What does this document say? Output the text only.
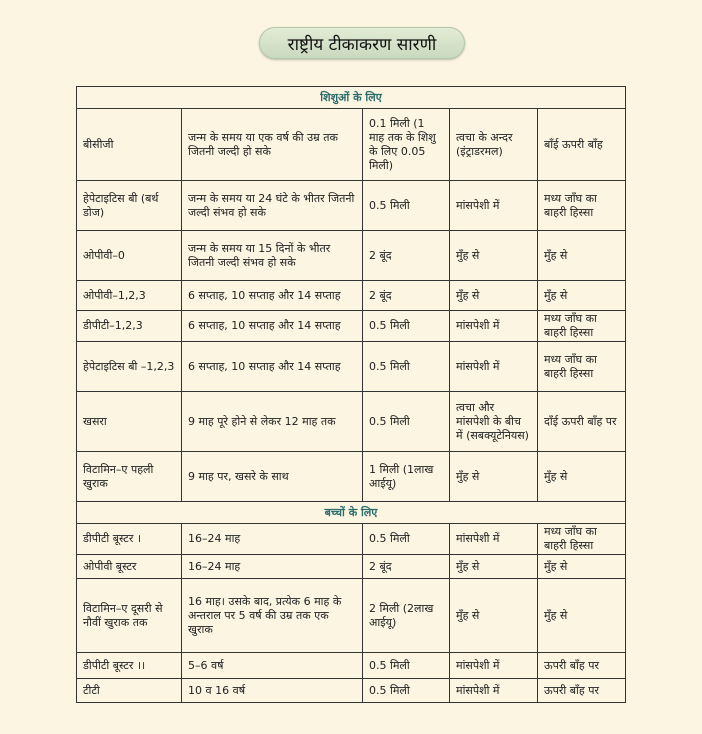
राष्ट्रीय टीकाकरण सारणी
शिशुओं के लिए				
बीसीजी	जन्म के समय या एक वर्ष की उम्र तक जितनी जल्दी हो सके	0.1 मिली (1 माह तक के शिशु के लिए 0.05 मिली)	त्वचा के अन्दर (इंट्राडरमल)	बाँई ऊपरी बाँह
हेपेटाइटिस बी (बर्थ डोज)	जन्म के समय या 24 घंटे के भीतर जितनी जल्दी संभव हो सके	0.5 मिली	मांसपेशी में	मध्य जाँघ का बाहरी हिस्सा
ओपीवी–0	जन्म के समय या 15 दिनों के भीतर जितनी जल्दी संभव हो सके	2 बूंद	मुँह से	मुँह से
ओपीवी–1,2,3	6 सप्ताह, 10 सप्ताह और 14 सप्ताह	2 बूंद	मुँह से	मुँह से
डीपीटी–1,2,3	6 सप्ताह, 10 सप्ताह और 14 सप्ताह	0.5 मिली	मांसपेशी में	मध्य जाँघ का बाहरी हिस्सा
हेपेटाइटिस बी –1,2,3	6 सप्ताह, 10 सप्ताह और 14 सप्ताह	0.5 मिली	मांसपेशी में	मध्य जाँघ का बाहरी हिस्सा
खसरा	9 माह पूरे होने से लेकर 12 माह तक	0.5 मिली	त्वचा और मांसपेशी के बीच में (सबक्यूटेनियस)	दाँई ऊपरी बाँह पर
विटामिन–ए पहली खुराक	9 माह पर, खसरे के साथ	1 मिली (1लाख आईयू)	मुँह से	मुँह से
बच्चों के लिए				
डीपीटी बूस्टर ।	16–24 माह	0.5 मिली	मांसपेशी में	मध्य जाँघ का बाहरी हिस्सा
ओपीवी बूस्टर	16–24 माह	2 बूंद	मुँह से	मुँह से
विटामिन–ए दूसरी से नौवीं खुराक तक	16 माह। उसके बाद, प्रत्येक 6 माह के अन्तराल पर 5 वर्ष की उम्र तक एक खुराक	2 मिली (2लाख आईयू)	मुँह से	मुँह से
डीपीटी बूस्टर ।।	5–6 वर्ष	0.5 मिली	मांसपेशी में	ऊपरी बाँह पर
टीटी	10 व 16 वर्ष	0.5 मिली	मांसपेशी में	ऊपरी बाँह पर
